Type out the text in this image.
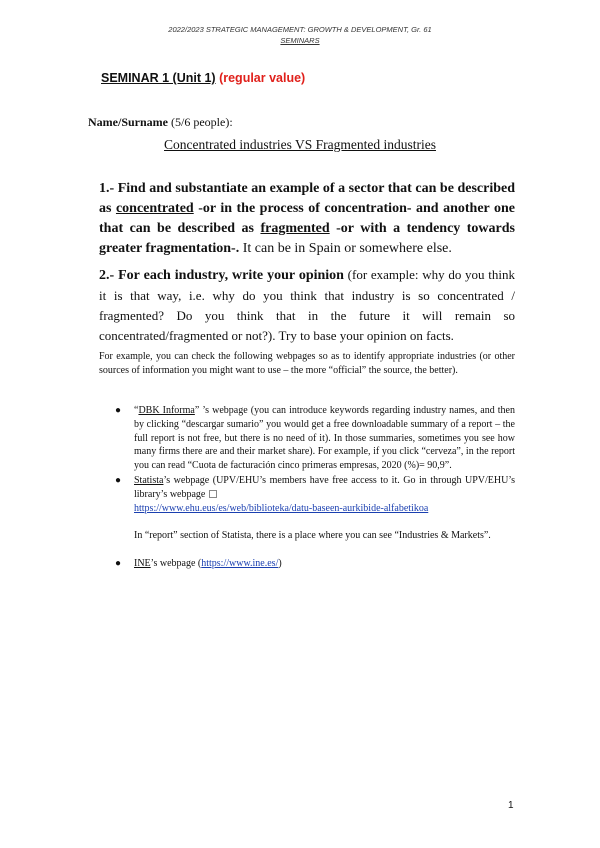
2022/2023 STRATEGIC MANAGEMENT: GROWTH & DEVELOPMENT, Gr. 61
SEMINARS
SEMINAR 1 (Unit 1) (regular value)
Name/Surname (5/6 people):
Concentrated industries VS Fragmented industries
1.- Find and substantiate an example of a sector that can be described as concentrated -or in the process of concentration- and another one that can be described as fragmented -or with a tendency towards greater fragmentation-. It can be in Spain or somewhere else.
2.- For each industry, write your opinion (for example: why do you think it is that way, i.e. why do you think that industry is so concentrated / fragmented? Do you think that in the future it will remain so concentrated/fragmented or not?). Try to base your opinion on facts.
For example, you can check the following webpages so as to identify appropriate industries (or other sources of information you might want to use – the more “official” the source, the better).
● “DBK Informa” ’s webpage (you can introduce keywords regarding industry names, and then by clicking “descargar sumario” you would get a free downloadable summary of a report – the full report is not free, but there is no need of it). In those summaries, sometimes you see how many firms there are and their market share). For example, if you click “cerveza”, in the report you can read “Cuota de facturación cinco primeras empresas, 2020 (%)= 90,9”.
● Statista’s webpage (UPV/EHU’s members have free access to it. Go in through UPV/EHU’s library’s webpage
https://www.ehu.eus/es/web/biblioteka/datu-baseen-aurkibide-alfabetikoa
In “report” section of Statista, there is a place where you can see “Industries & Markets”.
● INE’s webpage (https://www.ine.es/)
1
